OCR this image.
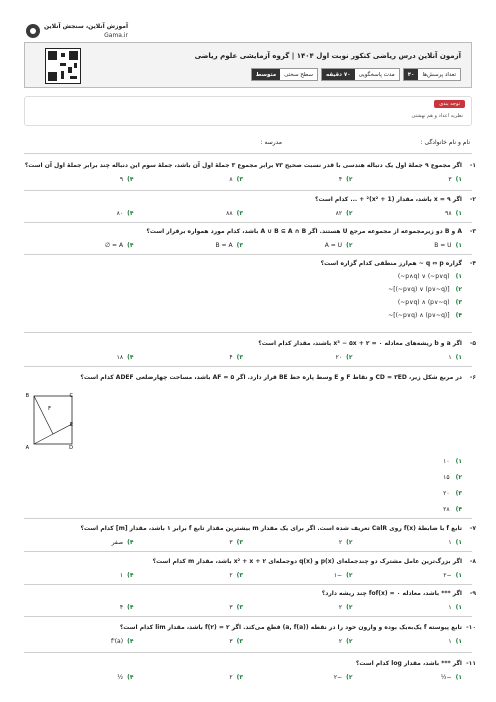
آموزش آنلاین، سنجش آنلاین
Gama.ir
آزمون آنلاین درس ریاضی کنکور نوبت اول ۱۴۰۴ | گروه آزمایشی علوم ریاضی
تعداد پرسش‌ها
۴۰
مدت پاسخگویی
۷۰ دقیقه
سطح سختی
متوسط
توجه بندی
نظریه اعداد و هم نهشتی
نام و نام خانوادگی :
مدرسه :
۱-
اگر مجموع ۹ جملهٔ اول یک دنباله هندسی با قدر نسبت صحیح ۷۳ برابر مجموع ۳ جملهٔ اول آن باشد، جملهٔ سوم این دنباله چند برابر جملهٔ اول آن است؟
۱)
۳
۲)
۴
۳)
۸
۴)
۹
۲-
اگر x = ۹ باشد، مقدار (x² + 1)² + ... کدام است؟
۱)
۹۸
۲)
۸۲
۳)
۸۸
۴)
۸۰
۳-
A و B دو زیرمجموعه از مجموعه مرجع U هستند. اگر A ∪ B ⊆ A ∩ B باشد، کدام مورد همواره برقرار است؟
۱)
B = U
۲)
A = U
۳)
B = A
۴)
A = ∅
۴-
گزاره q ⇔ p ~ هم‌ارز منطقی کدام گزاره است؟
۱)
(~p∧q) ∨ (~p∨q)
۲)
~[(~p∨q) ∨ (p∨~q)]
۳)
(~p∨q) ∧ (p∨~q)
۴)
~[(~p∨q) ∧ (p∨~q)]
۵-
اگر a و b ریشه‌های معادله x³ − ۵x + ۲ = ۰ باشند، مقدار کدام است؟
۱)
۱
۲)
۲۰
۳)
۴
۴)
۱۸
۶-
در مربع شکل زیر، CD = ۳ED و نقاط F و E وسط پاره خط BE قرار دارد. اگر AF = ۵ باشد، مساحت چهارضلعی ADEF کدام است؟
۱)
۱۰
۲)
۱۵
۳)
۲۰
۴)
۲۸
B	C
F
E
A	D
۷-
تابع f با ضابطهٔ f(x) روی CalR تعریف شده است. اگر برای یک مقدار m بیشترین مقدار تابع f برابر ۱ باشد، مقدار [m] کدام است؟
۱)
۱
۲)
۲
۳)
۳
۴)
صفر
۸-
اگر بزرگ‌ترین عامل مشترک دو چندجمله‌ای p(x) و q(x) دوجمله‌ای x² + x + ۲ باشد، مقدار m کدام است؟
۱)
−۲
۲)
−۱
۳)
۲
۴)
۱
۹-
اگر *** باشد، معادله fof(x) = ۰ چند ریشه دارد؟
۱)
۱
۲)
۲
۳)
۳
۴)
۴
۱۰-
تابع پیوسته f یک‌به‌یک بوده و وارون خود را در نقطه (a, f(a)) قطع می‌کند. اگر f(۲) = ۲ باشد، مقدار lim کدام است؟
۱)
۱
۲)
۲
۳)
۳
۴)
f'(a)
۱۱-
اگر *** باشد، مقدار log کدام است؟
۱)
−½
۲)
−۲
۳)
۲
۴)
½
